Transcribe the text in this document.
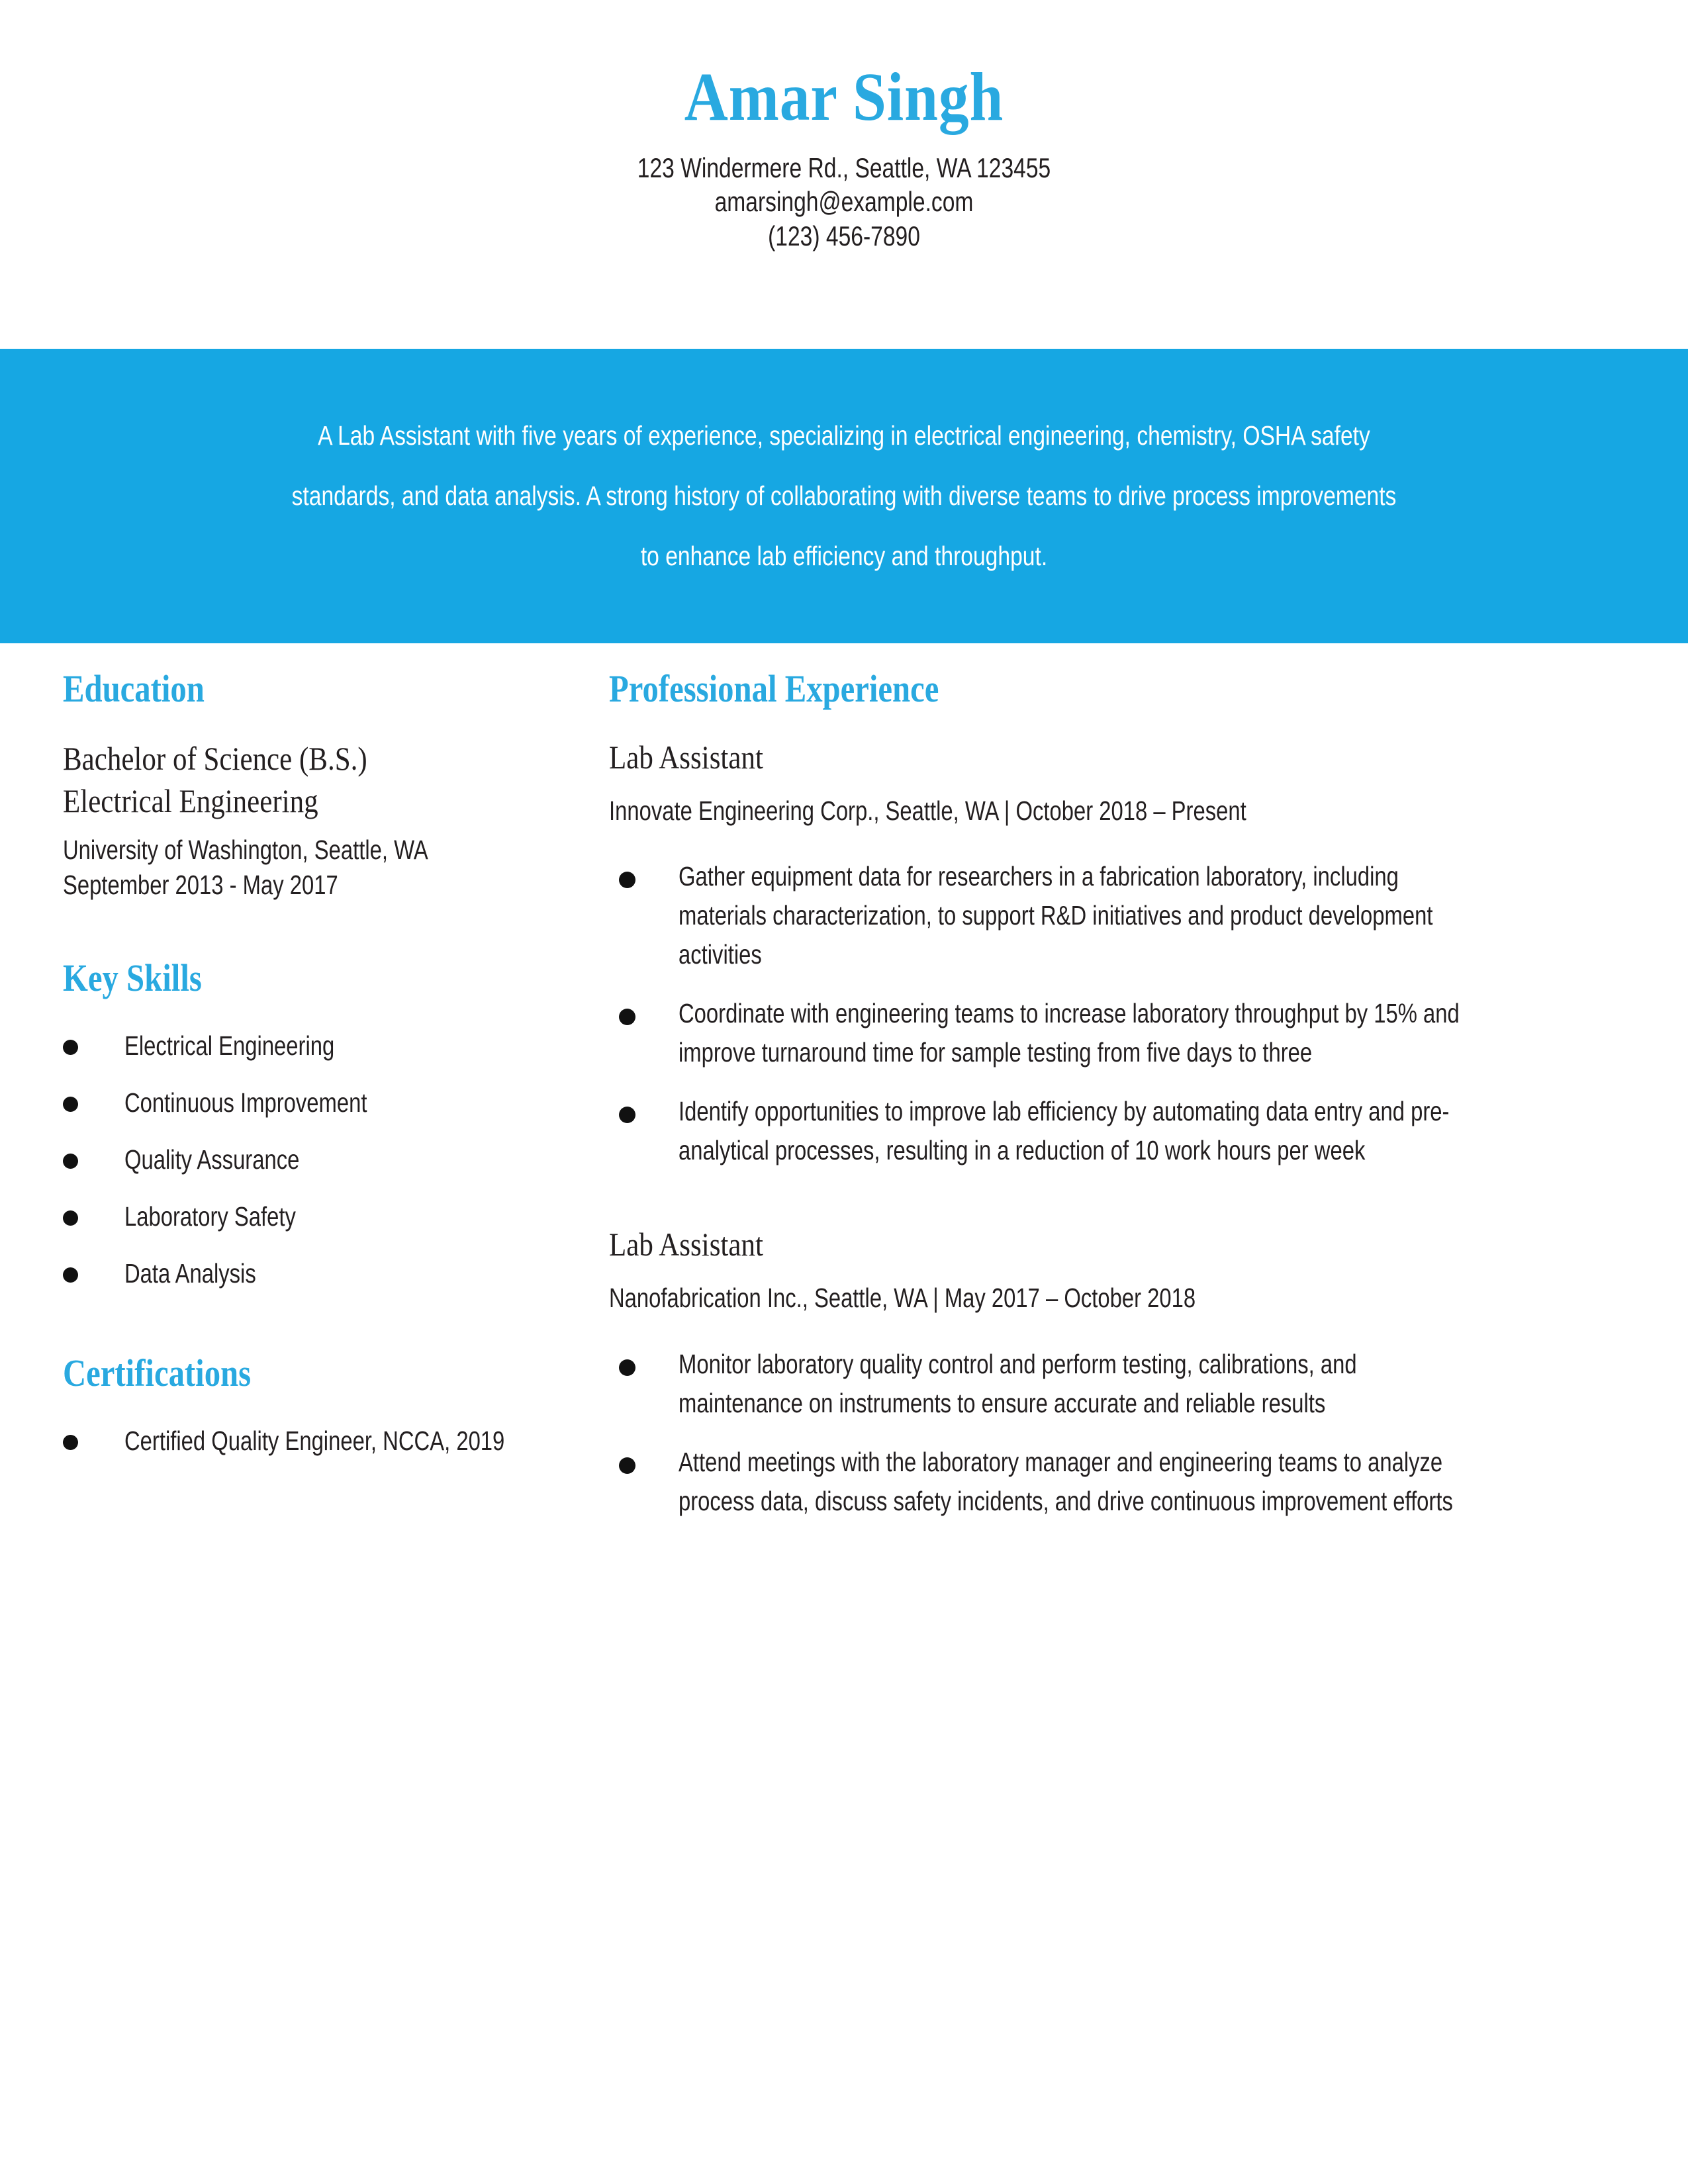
Amar Singh
123 Windermere Rd., Seattle, WA 123455
amarsingh@example.com
(123) 456-7890
A Lab Assistant with five years of experience, specializing in electrical engineering, chemistry, OSHA safety standards, and data analysis. A strong history of collaborating with diverse teams to drive process improvements to enhance lab efficiency and throughput.
Education
Bachelor of Science (B.S.)
Electrical Engineering
University of Washington, Seattle, WA
September 2013 - May 2017
Key Skills
Electrical Engineering
Continuous Improvement
Quality Assurance
Laboratory Safety
Data Analysis
Certifications
Certified Quality Engineer, NCCA, 2019
Professional Experience
Lab Assistant
Innovate Engineering Corp., Seattle, WA | October 2018 – Present
Gather equipment data for researchers in a fabrication laboratory, including materials characterization, to support R&D initiatives and product development activities
Coordinate with engineering teams to increase laboratory throughput by 15% and improve turnaround time for sample testing from five days to three
Identify opportunities to improve lab efficiency by automating data entry and pre-analytical processes, resulting in a reduction of 10 work hours per week
Lab Assistant
Nanofabrication Inc., Seattle, WA | May 2017 – October 2018
Monitor laboratory quality control and perform testing, calibrations, and maintenance on instruments to ensure accurate and reliable results
Attend meetings with the laboratory manager and engineering teams to analyze process data, discuss safety incidents, and drive continuous improvement efforts
